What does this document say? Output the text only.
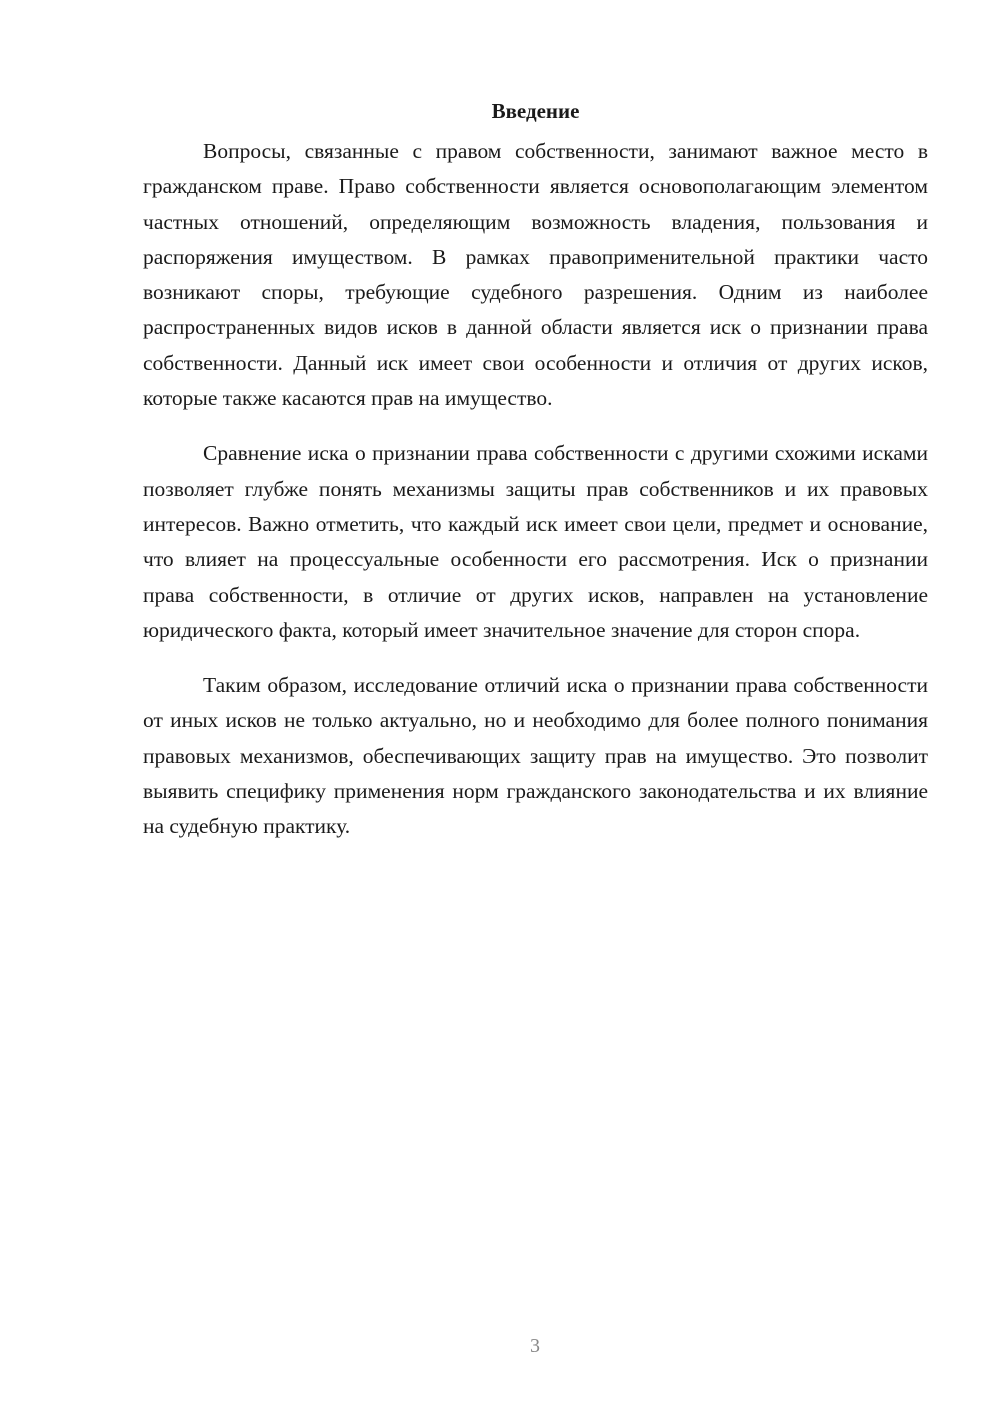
Введение

Вопросы, связанные с правом собственности, занимают важное место в гражданском праве. Право собственности является основополагающим элементом частных отношений, определяющим возможность владения, пользования и распоряжения имуществом. В рамках правоприменительной практики часто возникают споры, требующие судебного разрешения. Одним из наиболее распространенных видов исков в данной области является иск о признании права собственности. Данный иск имеет свои особенности и отличия от других исков, которые также касаются прав на имущество.

Сравнение иска о признании права собственности с другими схожими исками позволяет глубже понять механизмы защиты прав собственников и их правовых интересов. Важно отметить, что каждый иск имеет свои цели, предмет и основание, что влияет на процессуальные особенности его рассмотрения. Иск о признании права собственности, в отличие от других исков, направлен на установление юридического факта, который имеет значительное значение для сторон спора.

Таким образом, исследование отличий иска о признании права собственности от иных исков не только актуально, но и необходимо для более полного понимания правовых механизмов, обеспечивающих защиту прав на имущество. Это позволит выявить специфику применения норм гражданского законодательства и их влияние на судебную практику.

3
